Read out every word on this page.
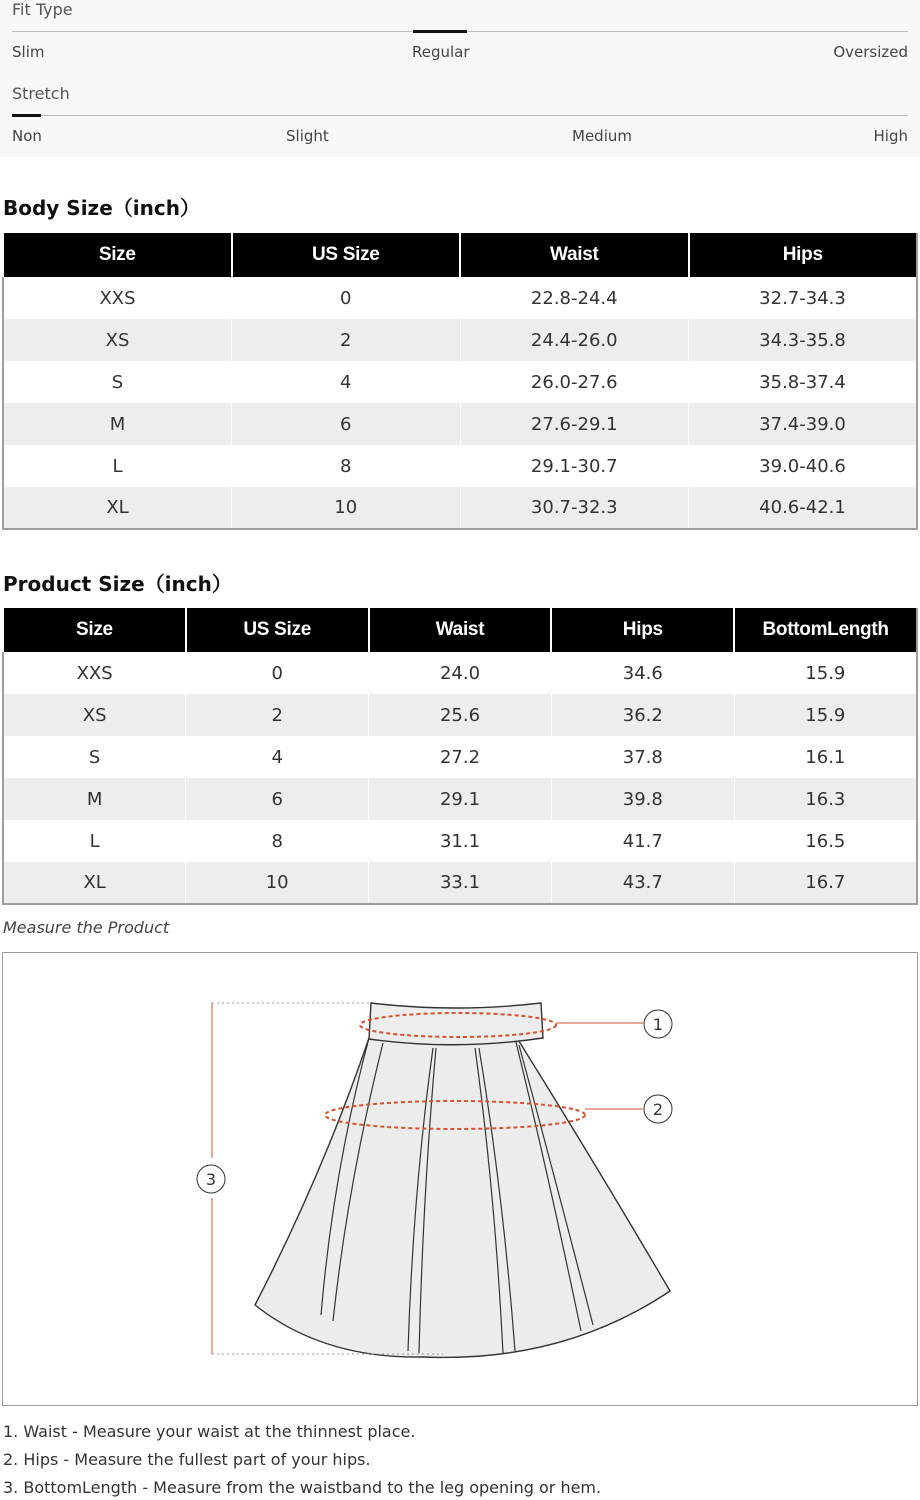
Fit Type
Slim	Regular	Oversized
Stretch
Non	Slight	Medium	High
Body Size（inch）
Size	US Size	Waist	Hips
XXS	0	22.8-24.4	32.7-34.3
XS	2	24.4-26.0	34.3-35.8
S	4	26.0-27.6	35.8-37.4
M	6	27.6-29.1	37.4-39.0
L	8	29.1-30.7	39.0-40.6
XL	10	30.7-32.3	40.6-42.1
Product Size（inch）
Size	US Size	Waist	Hips	BottomLength
XXS	0	24.0	34.6	15.9
XS	2	25.6	36.2	15.9
S	4	27.2	37.8	16.1
M	6	29.1	39.8	16.3
L	8	31.1	41.7	16.5
XL	10	33.1	43.7	16.7
Measure the Product
1
2
3
1. Waist - Measure your waist at the thinnest place.
2. Hips - Measure the fullest part of your hips.
3. BottomLength - Measure from the waistband to the leg opening or hem.
